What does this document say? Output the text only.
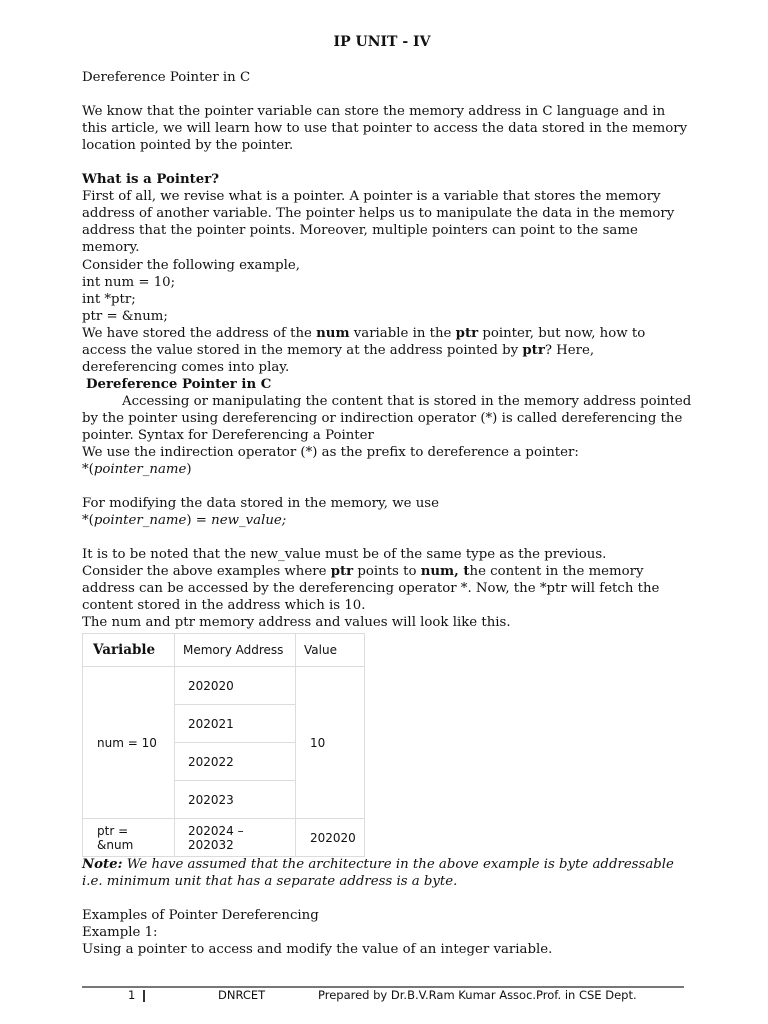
IP UNIT - IV
Dereference Pointer in C
We know that the pointer variable can store the memory address in C language and in this article, we will learn how to use that pointer to access the data stored in the memory location pointed by the pointer.
What is a Pointer?
First of all, we revise what is a pointer. A pointer is a variable that stores the memory address of another variable. The pointer helps us to manipulate the data in the memory address that the pointer points. Moreover, multiple pointers can point to the same memory.
Consider the following example,
int num = 10;
int *ptr;
ptr = &num;
We have stored the address of the num variable in the ptr pointer, but now, how to access the value stored in the memory at the address pointed by ptr? Here, dereferencing comes into play.
Dereference Pointer in C
Accessing or manipulating the content that is stored in the memory address pointed by the pointer using dereferencing or indirection operator (*) is called dereferencing the pointer. Syntax for Dereferencing a Pointer
We use the indirection operator (*) as the prefix to dereference a pointer:
*(pointer_name)
For modifying the data stored in the memory, we use
*(pointer_name) = new_value;
It is to be noted that the new_value must be of the same type as the previous.
Consider the above examples where ptr points to num, the content in the memory address can be accessed by the dereferencing operator *. Now, the *ptr will fetch the content stored in the address which is 10.
The num and ptr memory address and values will look like this.
Variable	Memory Address	Value
num = 10	202020	10
	202021	
	202022	
	202023	
ptr = &num	202024 – 202032	202020
Note: We have assumed that the architecture in the above example is byte addressable i.e. minimum unit that has a separate address is a byte.
Examples of Pointer Dereferencing
Example 1:
Using a pointer to access and modify the value of an integer variable.
1	DNRCET	Prepared by Dr.B.V.Ram Kumar Assoc.Prof. in CSE Dept.
